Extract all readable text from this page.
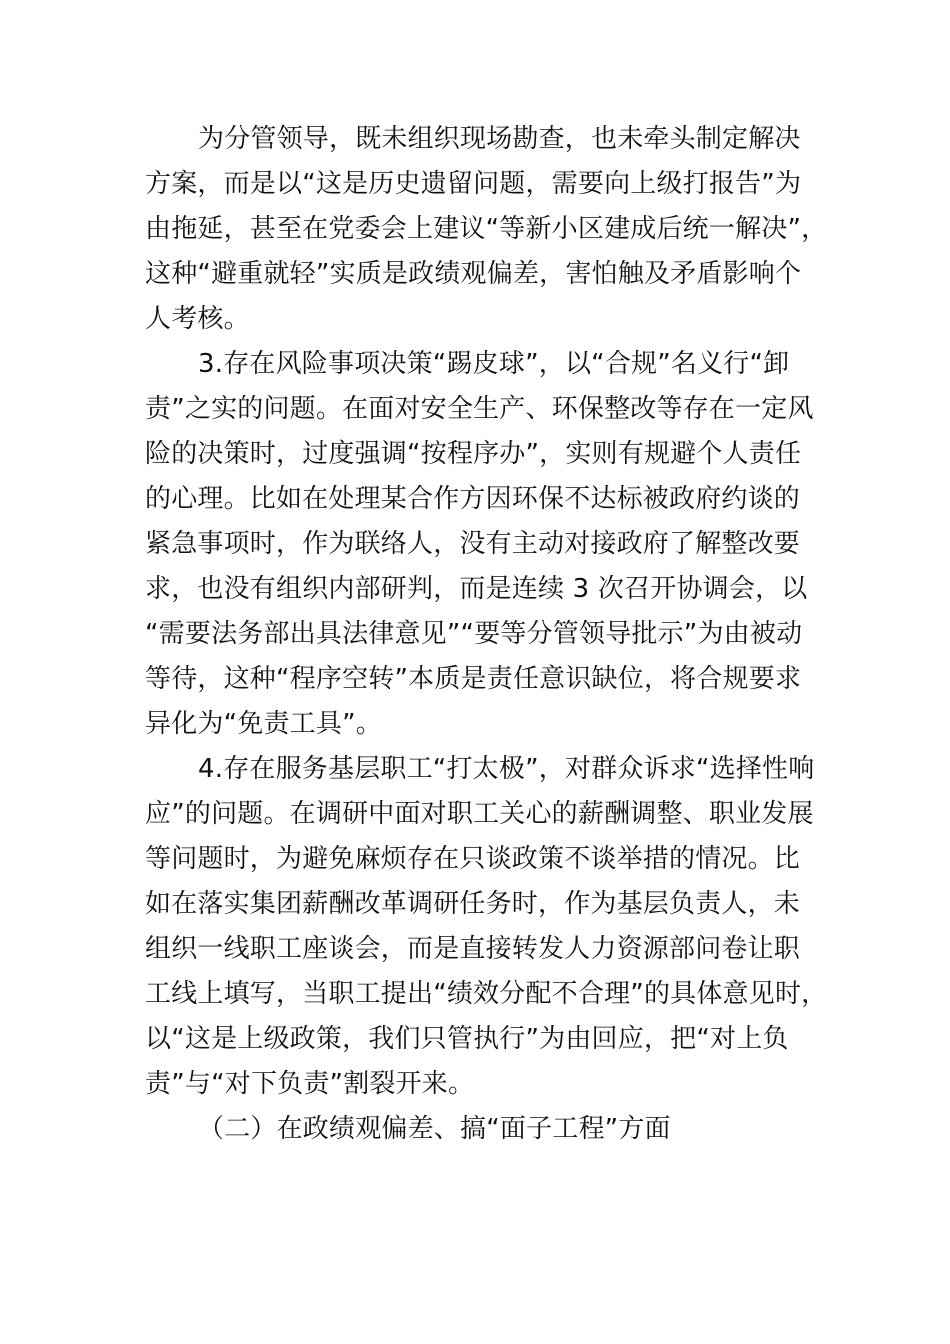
为分管领导，既未组织现场勘查，也未牵头制定解决
方案，而是以“这是历史遗留问题，需要向上级打报告”为
由拖延，甚至在党委会上建议“等新小区建成后统一解决”，
这种“避重就轻”实质是政绩观偏差，害怕触及矛盾影响个
人考核。
3.存在风险事项决策“踢皮球”，以“合规”名义行“卸
责”之实的问题。在面对安全生产、环保整改等存在一定风
险的决策时，过度强调“按程序办”，实则有规避个人责任
的心理。比如在处理某合作方因环保不达标被政府约谈的
紧急事项时，作为联络人，没有主动对接政府了解整改要
求，也没有组织内部研判，而是连续 3 次召开协调会，以
“需要法务部出具法律意见”“要等分管领导批示”为由被动
等待，这种“程序空转”本质是责任意识缺位，将合规要求
异化为“免责工具”。
4.存在服务基层职工“打太极”，对群众诉求“选择性响
应”的问题。在调研中面对职工关心的薪酬调整、职业发展
等问题时，为避免麻烦存在只谈政策不谈举措的情况。比
如在落实集团薪酬改革调研任务时，作为基层负责人，未
组织一线职工座谈会，而是直接转发人力资源部问卷让职
工线上填写，当职工提出“绩效分配不合理”的具体意见时，
以“这是上级政策，我们只管执行”为由回应，把“对上负
责”与“对下负责”割裂开来。
（二）在政绩观偏差、搞“面子工程”方面
